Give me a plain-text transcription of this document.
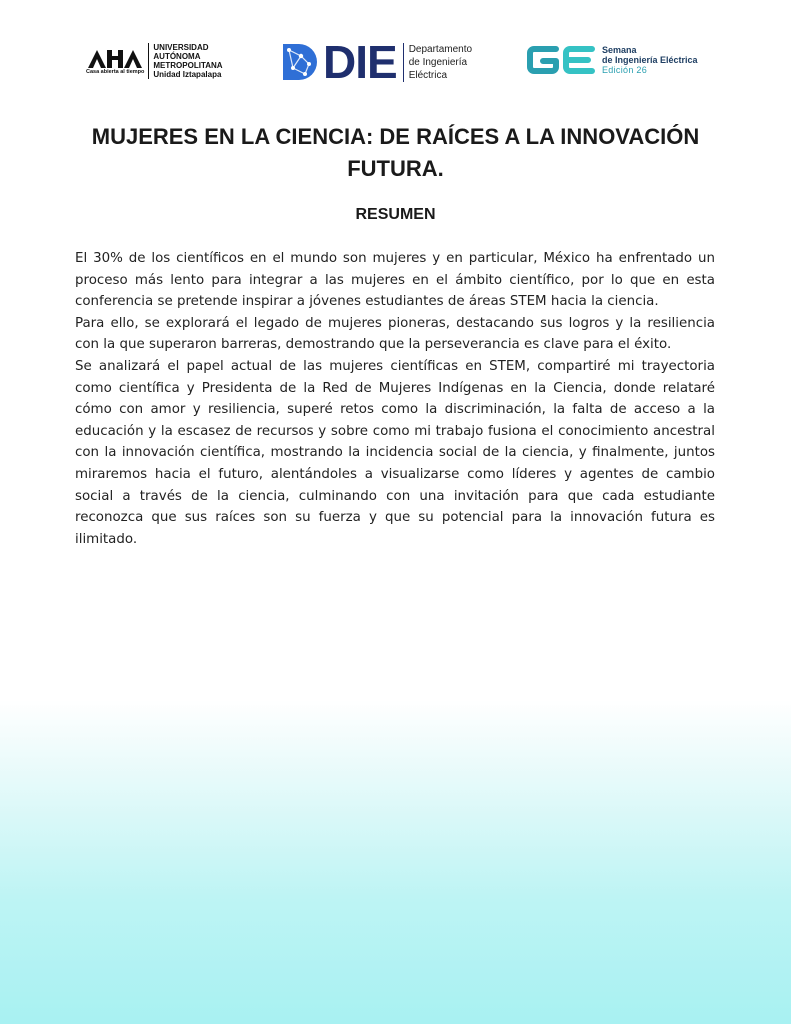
Casa abierta al tiempo
UNIVERSIDAD
AUTÓNOMA
METROPOLITANA
Unidad Iztapalapa DIE Departamento
de Ingeniería
Eléctrica
Semana
de Ingeniería Eléctrica
Edición 26
MUJERES EN LA CIENCIA: DE RAÍCES A LA INNOVACIÓN
FUTURA.
RESUMEN

El 30% de los científicos en el mundo son mujeres y en particular, México ha enfrentado un proceso más lento para integrar a las mujeres en el ámbito científico, por lo que en esta conferencia se pretende inspirar a jóvenes estudiantes de áreas STEM hacia la ciencia.

Para ello, se explorará el legado de mujeres pioneras, destacando sus logros y la resiliencia con la que superaron barreras, demostrando que la perseverancia es clave para el éxito.

Se analizará el papel actual de las mujeres científicas en STEM, compartiré mi trayectoria como científica y Presidenta de la Red de Mujeres Indígenas en la Ciencia, donde relataré cómo con amor y resiliencia, superé retos como la discriminación, la falta de acceso a la educación y la escasez de recursos y sobre como mi trabajo fusiona el conocimiento ancestral con la innovación científica, mostrando la incidencia social de la ciencia, y finalmente, juntos miraremos hacia el futuro, alentándoles a visualizarse como líderes y agentes de cambio social a través de la ciencia, culminando con una invitación para que cada estudiante reconozca que sus raíces son su fuerza y que su potencial para la innovación futura es ilimitado.
